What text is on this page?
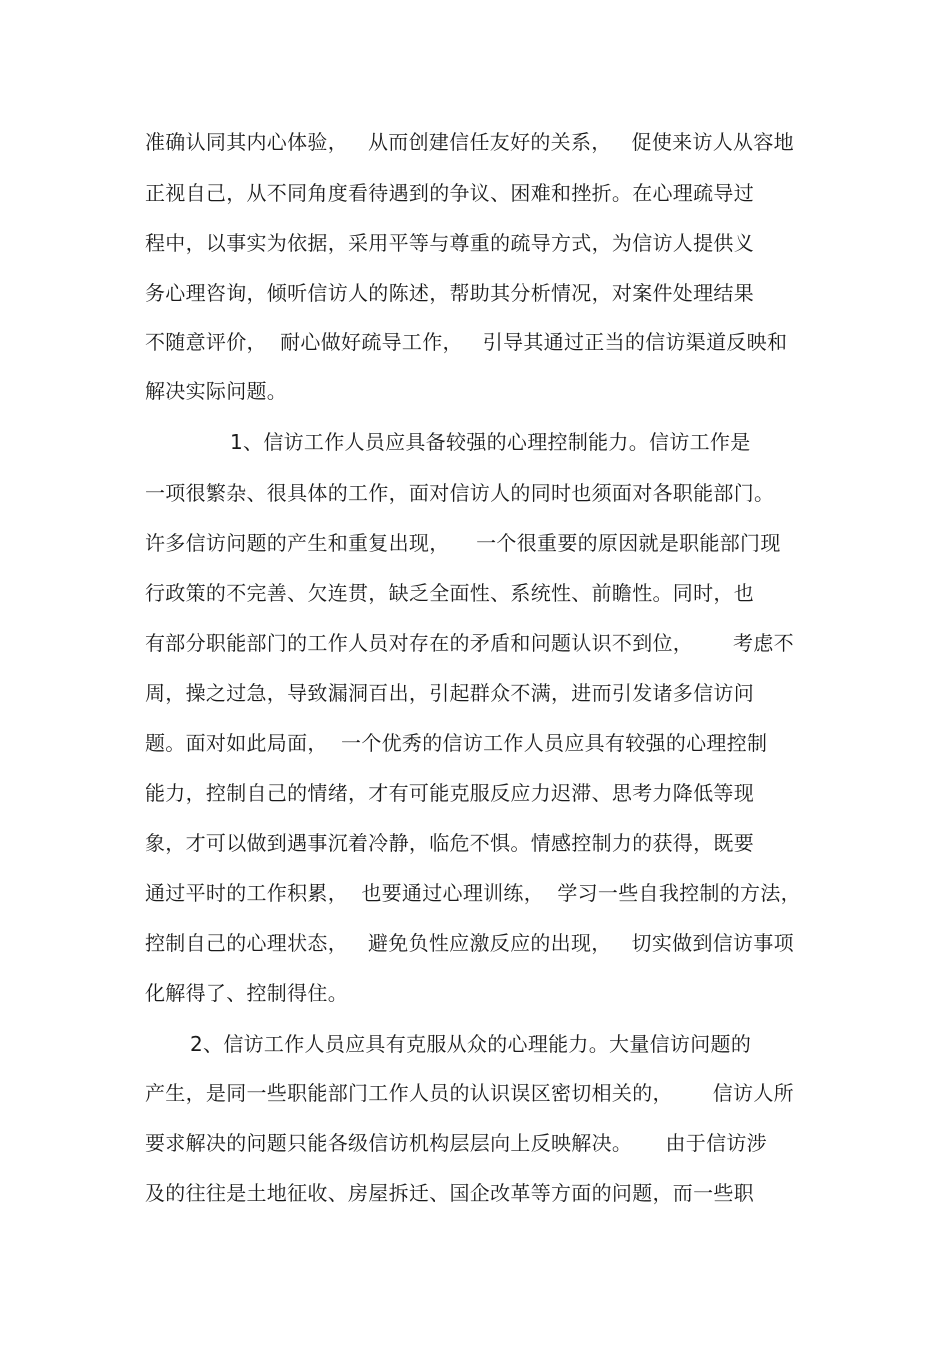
准确认同其内心体验，   从而创建信任友好的关系，   促使来访人从容地
正视自己，从不同角度看待遇到的争议、困难和挫折。在心理疏导过
程中，以事实为依据，采用平等与尊重的疏导方式，为信访人提供义
务心理咨询，倾听信访人的陈述，帮助其分析情况，对案件处理结果
不随意评价，  耐心做好疏导工作，   引导其通过正当的信访渠道反映和
解决实际问题。
1、信访工作人员应具备较强的心理控制能力。信访工作是
一项很繁杂、很具体的工作，面对信访人的同时也须面对各职能部门。
许多信访问题的产生和重复出现，    一个很重要的原因就是职能部门现
行政策的不完善、欠连贯，缺乏全面性、系统性、前瞻性。同时，也
有部分职能部门的工作人员对存在的矛盾和问题认识不到位，      考虑不
周，操之过急，导致漏洞百出，引起群众不满，进而引发诸多信访问
题。面对如此局面，  一个优秀的信访工作人员应具有较强的心理控制
能力，控制自己的情绪，才有可能克服反应力迟滞、思考力降低等现
象，才可以做到遇事沉着冷静，临危不惧。情感控制力的获得，既要
通过平时的工作积累，  也要通过心理训练，  学习一些自我控制的方法，
控制自己的心理状态，   避免负性应激反应的出现，   切实做到信访事项
化解得了、控制得住。
2、信访工作人员应具有克服从众的心理能力。大量信访问题的
产生，是同一些职能部门工作人员的认识误区密切相关的，      信访人所
要求解决的问题只能各级信访机构层层向上反映解决。     由于信访涉
及的往往是土地征收、房屋拆迁、国企改革等方面的问题，而一些职
